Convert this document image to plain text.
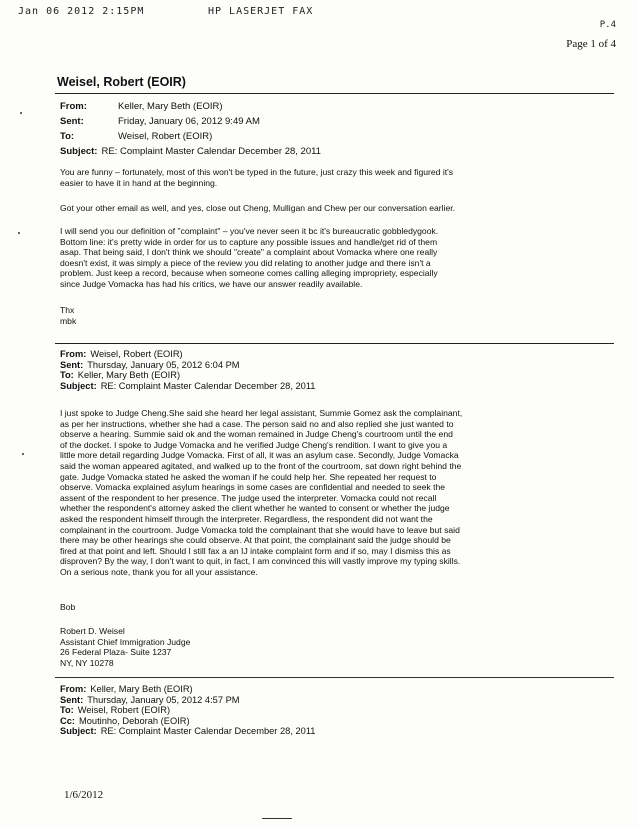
Jan 06 2012 2:15PM	HP LASERJET FAX
P.4
Page 1 of 4
Weisel, Robert (EOIR)
From:	Keller, Mary Beth (EOIR)
Sent:	Friday, January 06, 2012 9:49 AM
To:	Weisel, Robert (EOIR)
Subject: RE: Complaint Master Calendar December 28, 2011

You are funny – fortunately, most of this won't be typed in the future, just crazy this week and figured it's

easier to have it in hand at the beginning.

Got your other email as well, and yes, close out Cheng, Mulligan and Chew per our conversation earlier.

I will send you our definition of "complaint" – you've never seen it bc it's bureaucratic gobbledygook.

Bottom line: it's pretty wide in order for us to capture any possible issues and handle/get rid of them

asap. That being said, I don't think we should "create" a complaint about Vomacka where one really

doesn't exist, it was simply a piece of the review you did relating to another judge and there isn't a

problem. Just keep a record, because when someone comes calling alleging impropriety, especially

since Judge Vomacka has had his critics, we have our answer readily available.

Thx

mbk

From: Weisel, Robert (EOIR)
Sent: Thursday, January 05, 2012 6:04 PM
To: Keller, Mary Beth (EOIR)
Subject: RE: Complaint Master Calendar December 28, 2011

I just spoke to Judge Cheng.She said she heard her legal assistant, Summie Gomez ask the complainant,

as per her instructions, whether she had a case. The person said no and also replied she just wanted to

observe a hearing. Summie said ok and the woman remained in Judge Cheng's courtroom until the end

of the docket. I spoke to Judge Vomacka and he verified Judge Cheng's rendition. I want to give you a

little more detail regarding Judge Vomacka. First of all, it was an asylum case. Secondly, Judge Vomacka

said the woman appeared agitated, and walked up to the front of the courtroom, sat down right behind the

gate. Judge Vomacka stated he asked the woman if he could help her. She repeated her request to

observe. Vomacka explained asylum hearings in some cases are confidential and needed to seek the

assent of the respondent to her presence. The judge used the interpreter. Vomacka could not recall

whether the respondent's attorney asked the client whether he wanted to consent or whether the judge

asked the respondent himself through the interpreter. Regardless, the respondent did not want the

complainant in the courtroom. Judge Vomacka told the complainant that she would have to leave but said

there may be other hearings she could observe. At that point, the complainant said the judge should be

fired at that point and left. Should I still fax a an IJ intake complaint form and if so, may I dismiss this as

disproven? By the way, I don't want to quit, in fact, I am convinced this will vastly improve my typing skills.

On a serious note, thank you for all your assistance.

Bob

Robert D. Weisel

Assistant Chief Immigration Judge

26 Federal Plaza- Suite 1237

NY, NY 10278

From: Keller, Mary Beth (EOIR)
Sent: Thursday, January 05, 2012 4:57 PM
To: Weisel, Robert (EOIR)
Cc: Moutinho, Deborah (EOIR)
Subject: RE: Complaint Master Calendar December 28, 2011
1/6/2012
